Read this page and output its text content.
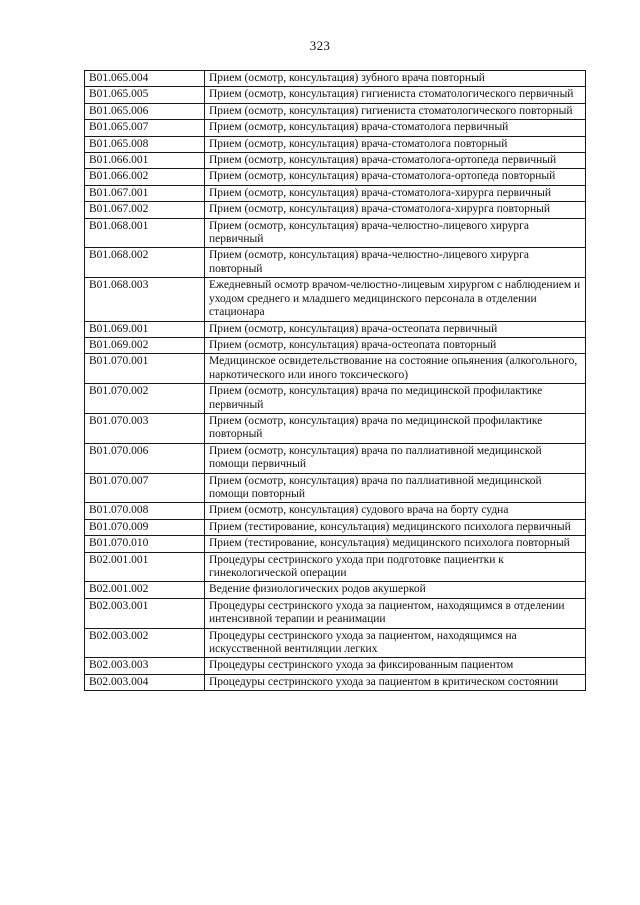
323
B01.065.004	Прием (осмотр, консультация) зубного врача повторный
B01.065.005	Прием (осмотр, консультация) гигиениста стоматологического первичный
B01.065.006	Прием (осмотр, консультация) гигиениста стоматологического повторный
B01.065.007	Прием (осмотр, консультация) врача-стоматолога первичный
B01.065.008	Прием (осмотр, консультация) врача-стоматолога повторный
B01.066.001	Прием (осмотр, консультация) врача-стоматолога-ортопеда первичный
B01.066.002	Прием (осмотр, консультация) врача-стоматолога-ортопеда повторный
B01.067.001	Прием (осмотр, консультация) врача-стоматолога-хирурга первичный
B01.067.002	Прием (осмотр, консультация) врача-стоматолога-хирурга повторный
B01.068.001	Прием (осмотр, консультация) врача-челюстно-лицевого хирурга первичный
B01.068.002	Прием (осмотр, консультация) врача-челюстно-лицевого хирурга повторный
B01.068.003	Ежедневный осмотр врачом-челюстно-лицевым хирургом с наблюдением и уходом среднего и младшего медицинского персонала в отделении стационара
B01.069.001	Прием (осмотр, консультация) врача-остеопата первичный
B01.069.002	Прием (осмотр, консультация) врача-остеопата повторный
B01.070.001	Медицинское освидетельствование на состояние опьянения (алкогольного, наркотического или иного токсического)
B01.070.002	Прием (осмотр, консультация) врача по медицинской профилактике первичный
B01.070.003	Прием (осмотр, консультация) врача по медицинской профилактике повторный
B01.070.006	Прием (осмотр, консультация) врача по паллиативной медицинской помощи первичный
B01.070.007	Прием (осмотр, консультация) врача по паллиативной медицинской помощи повторный
B01.070.008	Прием (осмотр, консультация) судового врача на борту судна
B01.070.009	Прием (тестирование, консультация) медицинского психолога первичный
B01.070.010	Прием (тестирование, консультация) медицинского психолога повторный
B02.001.001	Процедуры сестринского ухода при подготовке пациентки к гинекологической операции
B02.001.002	Ведение физиологических родов акушеркой
B02.003.001	Процедуры сестринского ухода за пациентом, находящимся в отделении интенсивной терапии и реанимации
B02.003.002	Процедуры сестринского ухода за пациентом, находящимся на искусственной вентиляции легких
B02.003.003	Процедуры сестринского ухода за фиксированным пациентом
B02.003.004	Процедуры сестринского ухода за пациентом в критическом состоянии
